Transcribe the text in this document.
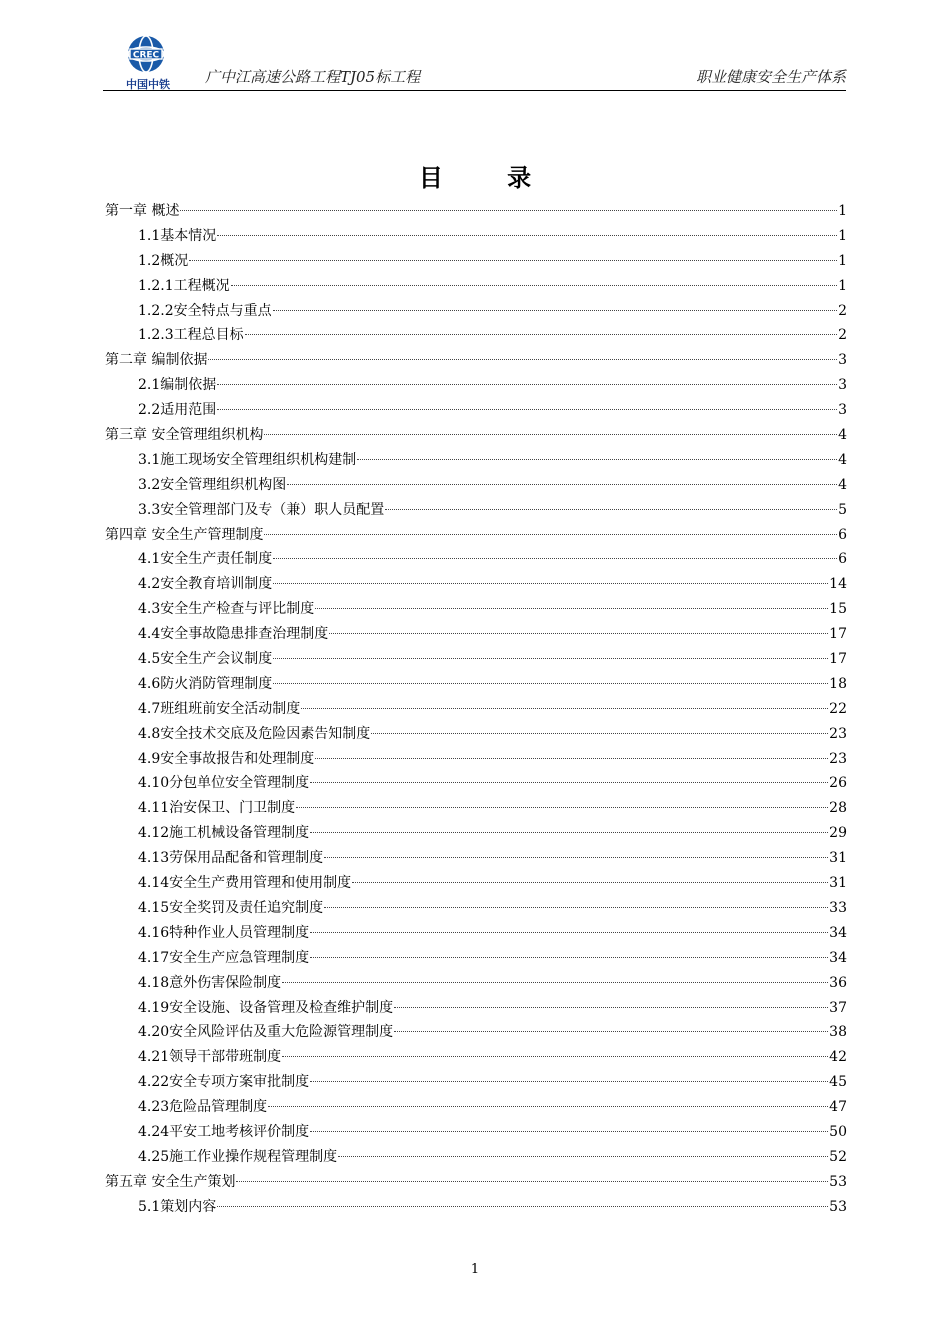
CREC
中国中铁	广中江高速公路工程TJ05标工程	职业健康安全生产体系
目 录
第一章 概述	1
1.1基本情况	1
1.2概况	1
1.2.1工程概况	1
1.2.2安全特点与重点	2
1.2.3工程总目标	2
第二章 编制依据	3
2.1编制依据	3
2.2适用范围	3
第三章 安全管理组织机构	4
3.1施工现场安全管理组织机构建制	4
3.2安全管理组织机构图	4
3.3安全管理部门及专（兼）职人员配置	5
第四章 安全生产管理制度	6
4.1安全生产责任制度	6
4.2安全教育培训制度	14
4.3安全生产检查与评比制度	15
4.4安全事故隐患排查治理制度	17
4.5安全生产会议制度	17
4.6防火消防管理制度	18
4.7班组班前安全活动制度	22
4.8安全技术交底及危险因素告知制度	23
4.9安全事故报告和处理制度	23
4.10分包单位安全管理制度	26
4.11治安保卫、门卫制度	28
4.12施工机械设备管理制度	29
4.13劳保用品配备和管理制度	31
4.14安全生产费用管理和使用制度	31
4.15安全奖罚及责任追究制度	33
4.16特种作业人员管理制度	34
4.17安全生产应急管理制度	34
4.18意外伤害保险制度	36
4.19安全设施、设备管理及检查维护制度	37
4.20安全风险评估及重大危险源管理制度	38
4.21领导干部带班制度	42
4.22安全专项方案审批制度	45
4.23危险品管理制度	47
4.24平安工地考核评价制度	50
4.25施工作业操作规程管理制度	52
第五章 安全生产策划	53
5.1策划内容	53
1
